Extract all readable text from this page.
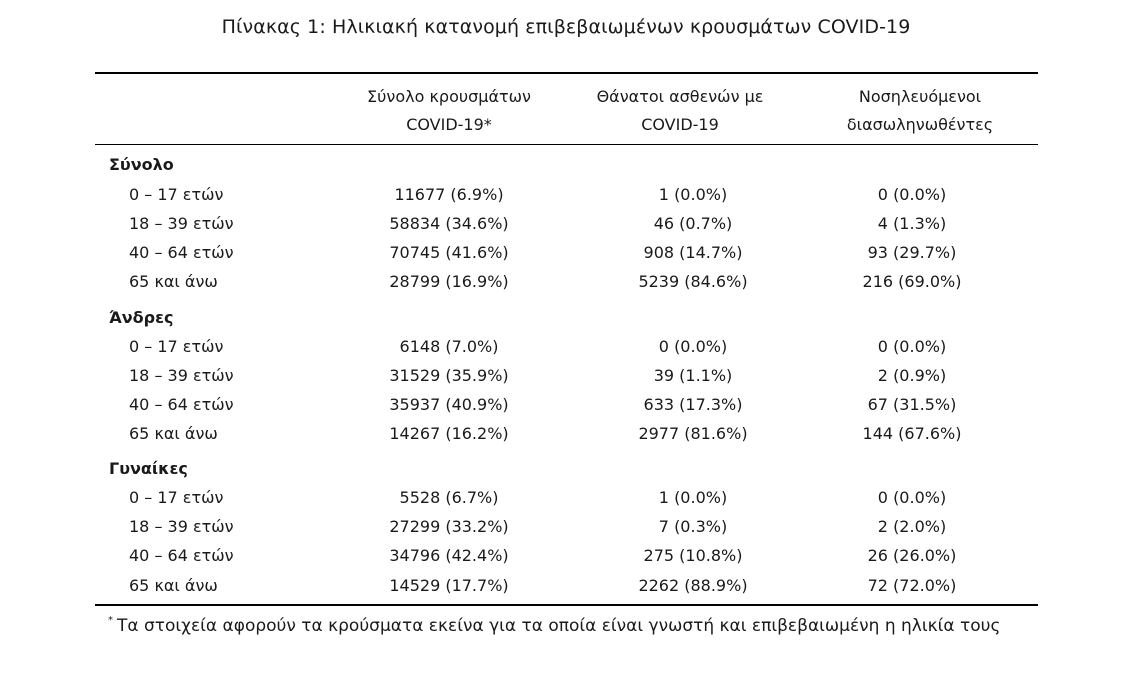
Πίνακας 1: Ηλικιακή κατανομή επιβεβαιωμένων κρουσμάτων COVID-19
Σύνολο κρουσμάτων
COVID-19*
Θάνατοι ασθενών με
COVID-19
Νοσηλευόμενοι
διασωληνωθέντες
Σύνολο
0 – 17 ετών	11677 (6.9%)	1 (0.0%)	0 (0.0%)
18 – 39 ετών	58834 (34.6%)	46 (0.7%)	4 (1.3%)
40 – 64 ετών	70745 (41.6%)	908 (14.7%)	93 (29.7%)
65 και άνω	28799 (16.9%)	5239 (84.6%)	216 (69.0%)
Άνδρες
0 – 17 ετών	6148 (7.0%)	0 (0.0%)	0 (0.0%)
18 – 39 ετών	31529 (35.9%)	39 (1.1%)	2 (0.9%)
40 – 64 ετών	35937 (40.9%)	633 (17.3%)	67 (31.5%)
65 και άνω	14267 (16.2%)	2977 (81.6%)	144 (67.6%)
Γυναίκες
0 – 17 ετών	5528 (6.7%)	1 (0.0%)	0 (0.0%)
18 – 39 ετών	27299 (33.2%)	7 (0.3%)	2 (2.0%)
40 – 64 ετών	34796 (42.4%)	275 (10.8%)	26 (26.0%)
65 και άνω	14529 (17.7%)	2262 (88.9%)	72 (72.0%)
* Τα στοιχεία αφορούν τα κρούσματα εκείνα για τα οποία είναι γνωστή και επιβεβαιωμένη η ηλικία τους
